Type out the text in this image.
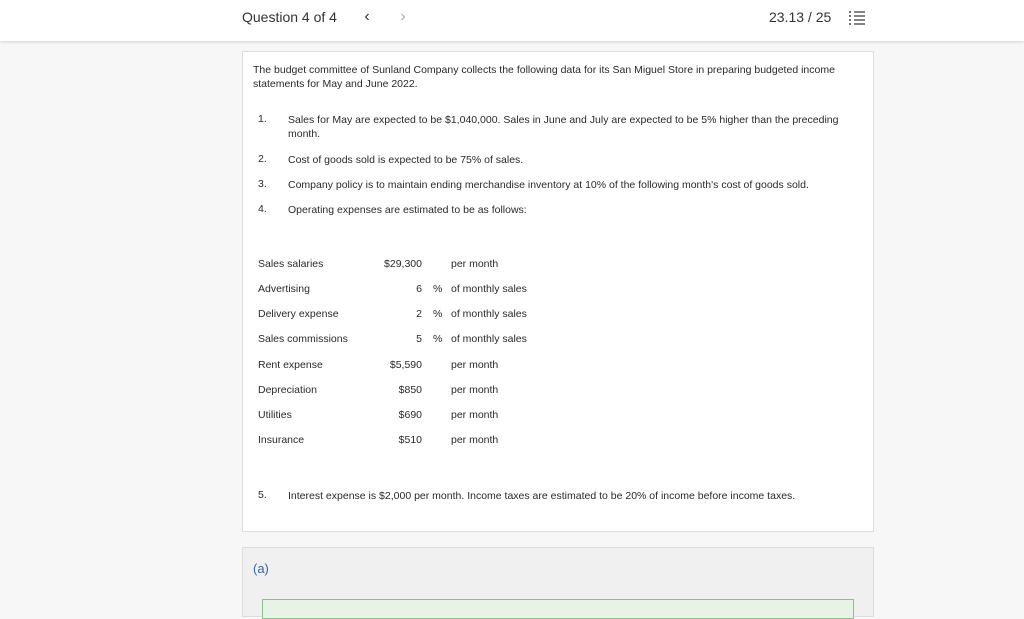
Question 4 of 4	‹	›	23.13 / 25

The budget committee of Sunland Company collects the following data for its San Miguel Store in preparing budgeted income statements for May and June 2022.

1. Sales for May are expected to be $1,040,000. Sales in June and July are expected to be 5% higher than the preceding month.
2. Cost of goods sold is expected to be 75% of sales.
3. Company policy is to maintain ending merchandise inventory at 10% of the following month's cost of goods sold.
4. Operating expenses are estimated to be as follows:
Sales salaries	$29,300	per month
Advertising	6 % of monthly sales
Delivery expense	2 % of monthly sales
Sales commissions	5 % of monthly sales
Rent expense	$5,590	per month
Depreciation	$850	per month
Utilities	$690	per month
Insurance	$510	per month
5. Interest expense is $2,000 per month. Income taxes are estimated to be 20% of income before income taxes.
(a)
